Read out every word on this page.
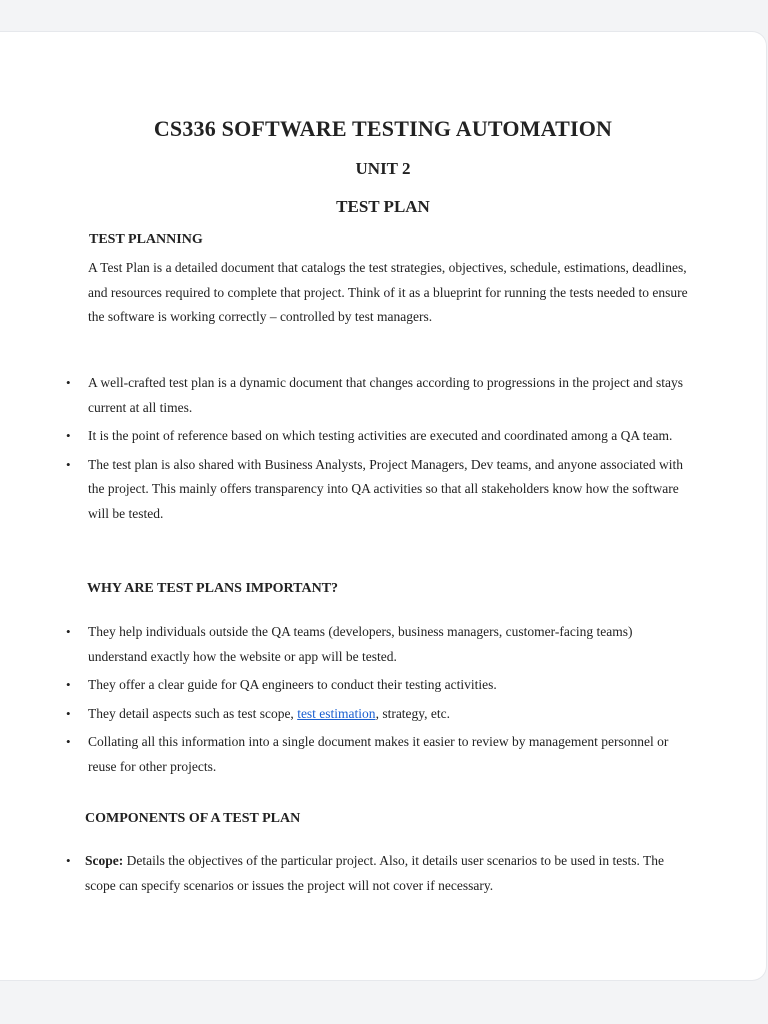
CS336 SOFTWARE TESTING AUTOMATION
UNIT 2
TEST PLAN
TEST PLANNING

A Test Plan is a detailed document that catalogs the test strategies, objectives, schedule, estimations, deadlines, and resources required to complete that project. Think of it as a blueprint for running the tests needed to ensure the software is working correctly – controlled by test managers.

• A well-crafted test plan is a dynamic document that changes according to progressions in the project and stays current at all times.
• It is the point of reference based on which testing activities are executed and coordinated among a QA team.
• The test plan is also shared with Business Analysts, Project Managers, Dev teams, and anyone associated with the project. This mainly offers transparency into QA activities so that all stakeholders know how the software will be tested.
WHY ARE TEST PLANS IMPORTANT?
• They help individuals outside the QA teams (developers, business managers, customer-facing teams) understand exactly how the website or app will be tested.
• They offer a clear guide for QA engineers to conduct their testing activities.
• They detail aspects such as test scope, test estimation, strategy, etc.
• Collating all this information into a single document makes it easier to review by management personnel or reuse for other projects.
COMPONENTS OF A TEST PLAN
• Scope: Details the objectives of the particular project. Also, it details user scenarios to be used in tests. The scope can specify scenarios or issues the project will not cover if necessary.
